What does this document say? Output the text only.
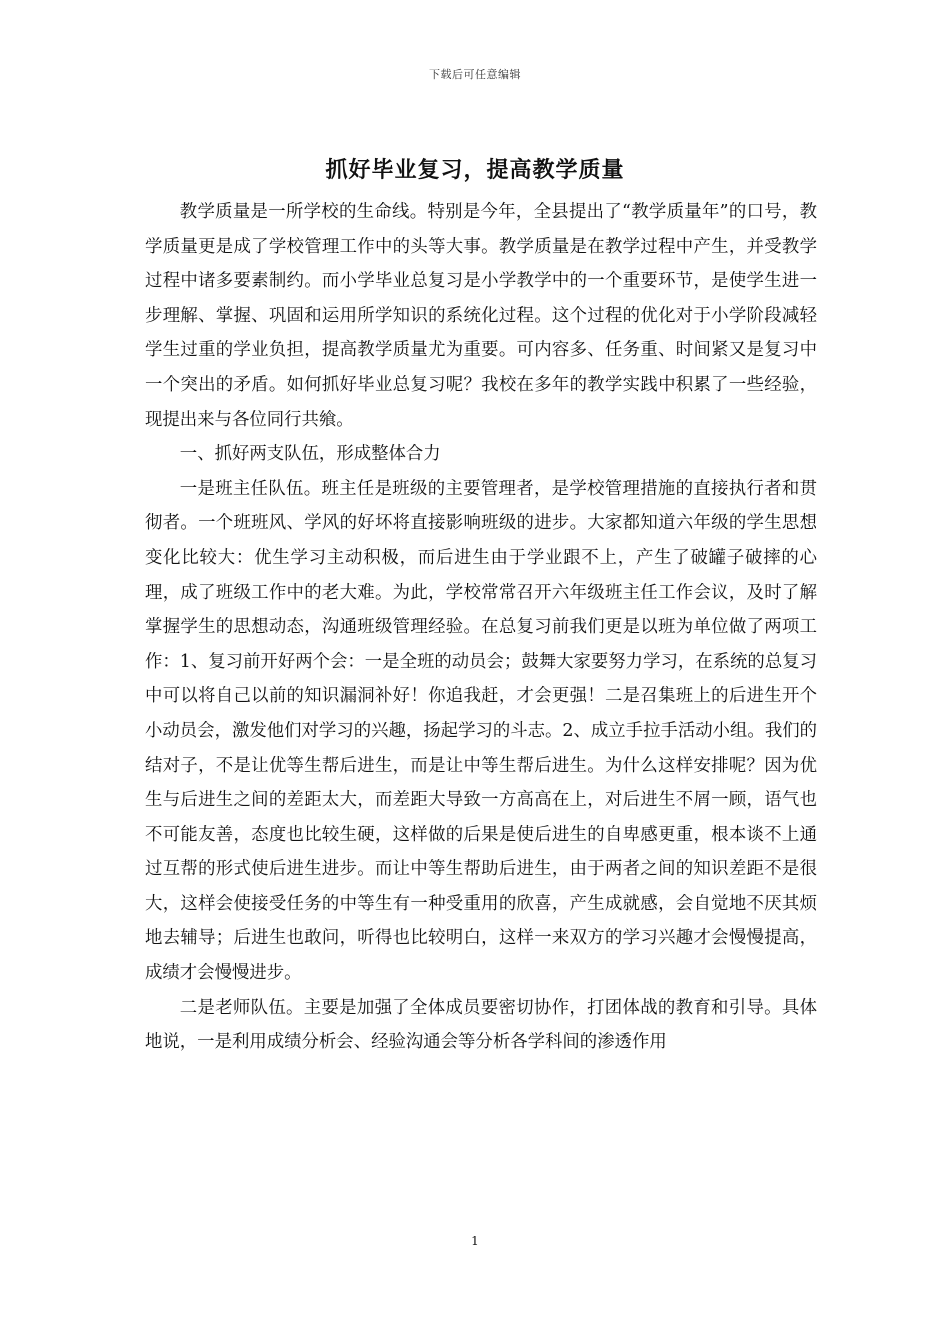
下载后可任意编辑
抓好毕业复习，提高教学质量

教学质量是一所学校的生命线。特别是今年，全县提出了“教学质量年”的口号，教学质量更是成了学校管理工作中的头等大事。教学质量是在教学过程中产生，并受教学过程中诸多要素制约。而小学毕业总复习是小学教学中的一个重要环节，是使学生进一步理解、掌握、巩固和运用所学知识的系统化过程。这个过程的优化对于小学阶段减轻学生过重的学业负担，提高教学质量尤为重要。可内容多、任务重、时间紧又是复习中一个突出的矛盾。如何抓好毕业总复习呢？我校在多年的教学实践中积累了一些经验，现提出来与各位同行共飨。

一、抓好两支队伍，形成整体合力

一是班主任队伍。班主任是班级的主要管理者，是学校管理措施的直接执行者和贯彻者。一个班班风、学风的好坏将直接影响班级的进步。大家都知道六年级的学生思想变化比较大：优生学习主动积极，而后进生由于学业跟不上，产生了破罐子破摔的心理，成了班级工作中的老大难。为此，学校常常召开六年级班主任工作会议，及时了解掌握学生的思想动态，沟通班级管理经验。在总复习前我们更是以班为单位做了两项工作：1、复习前开好两个会：一是全班的动员会；鼓舞大家要努力学习，在系统的总复习中可以将自己以前的知识漏洞补好！你追我赶，才会更强！二是召集班上的后进生开个小动员会，激发他们对学习的兴趣，扬起学习的斗志。2、成立手拉手活动小组。我们的结对子，不是让优等生帮后进生，而是让中等生帮后进生。为什么这样安排呢？因为优生与后进生之间的差距太大，而差距大导致一方高高在上，对后进生不屑一顾，语气也不可能友善，态度也比较生硬，这样做的后果是使后进生的自卑感更重，根本谈不上通过互帮的形式使后进生进步。而让中等生帮助后进生，由于两者之间的知识差距不是很大，这样会使接受任务的中等生有一种受重用的欣喜，产生成就感，会自觉地不厌其烦地去辅导；后进生也敢问，听得也比较明白，这样一来双方的学习兴趣才会慢慢提高，成绩才会慢慢进步。

二是老师队伍。主要是加强了全体成员要密切协作，打团体战的教育和引导。具体地说，一是利用成绩分析会、经验沟通会等分析各学科间的渗透作用

1
